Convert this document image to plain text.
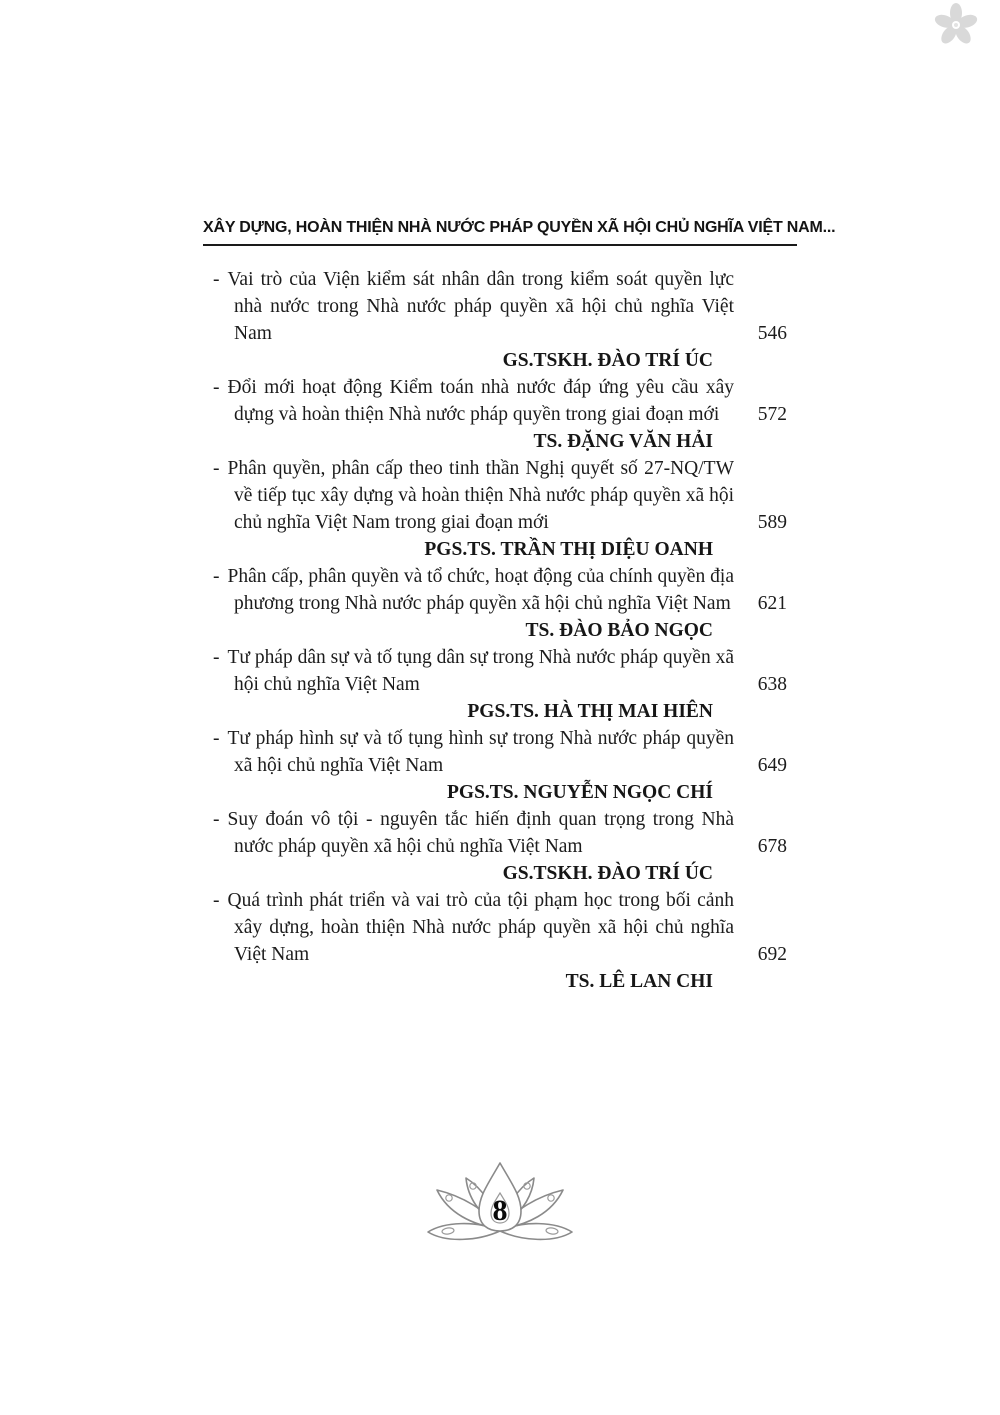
XÂY DỰNG, HOÀN THIỆN NHÀ NƯỚC PHÁP QUYỀN XÃ HỘI CHỦ NGHĨA VIỆT NAM...

- Vai trò của Viện kiểm sát nhân dân trong kiểm soát quyền lực nhà nước trong Nhà nước pháp quyền xã hội chủ nghĩa Việt Nam	546
GS.TSKH. ĐÀO TRÍ ÚC

- Đổi mới hoạt động Kiểm toán nhà nước đáp ứng yêu cầu xây dựng và hoàn thiện Nhà nước pháp quyền trong giai đoạn mới	572
TS. ĐẶNG VĂN HẢI

- Phân quyền, phân cấp theo tinh thần Nghị quyết số 27-NQ/TW về tiếp tục xây dựng và hoàn thiện Nhà nước pháp quyền xã hội chủ nghĩa Việt Nam trong giai đoạn mới	589
PGS.TS. TRẦN THỊ DIỆU OANH

- Phân cấp, phân quyền và tổ chức, hoạt động của chính quyền địa phương trong Nhà nước pháp quyền xã hội chủ nghĩa Việt Nam	621
TS. ĐÀO BẢO NGỌC

- Tư pháp dân sự và tố tụng dân sự trong Nhà nước pháp quyền xã hội chủ nghĩa Việt Nam	638
PGS.TS. HÀ THỊ MAI HIÊN

- Tư pháp hình sự và tố tụng hình sự trong Nhà nước pháp quyền xã hội chủ nghĩa Việt Nam	649
PGS.TS. NGUYỄN NGỌC CHÍ

- Suy đoán vô tội - nguyên tắc hiến định quan trọng trong Nhà nước pháp quyền xã hội chủ nghĩa Việt Nam	678
GS.TSKH. ĐÀO TRÍ ÚC

- Quá trình phát triển và vai trò của tội phạm học trong bối cảnh xây dựng, hoàn thiện Nhà nước pháp quyền xã hội chủ nghĩa Việt Nam	692
TS. LÊ LAN CHI
8
